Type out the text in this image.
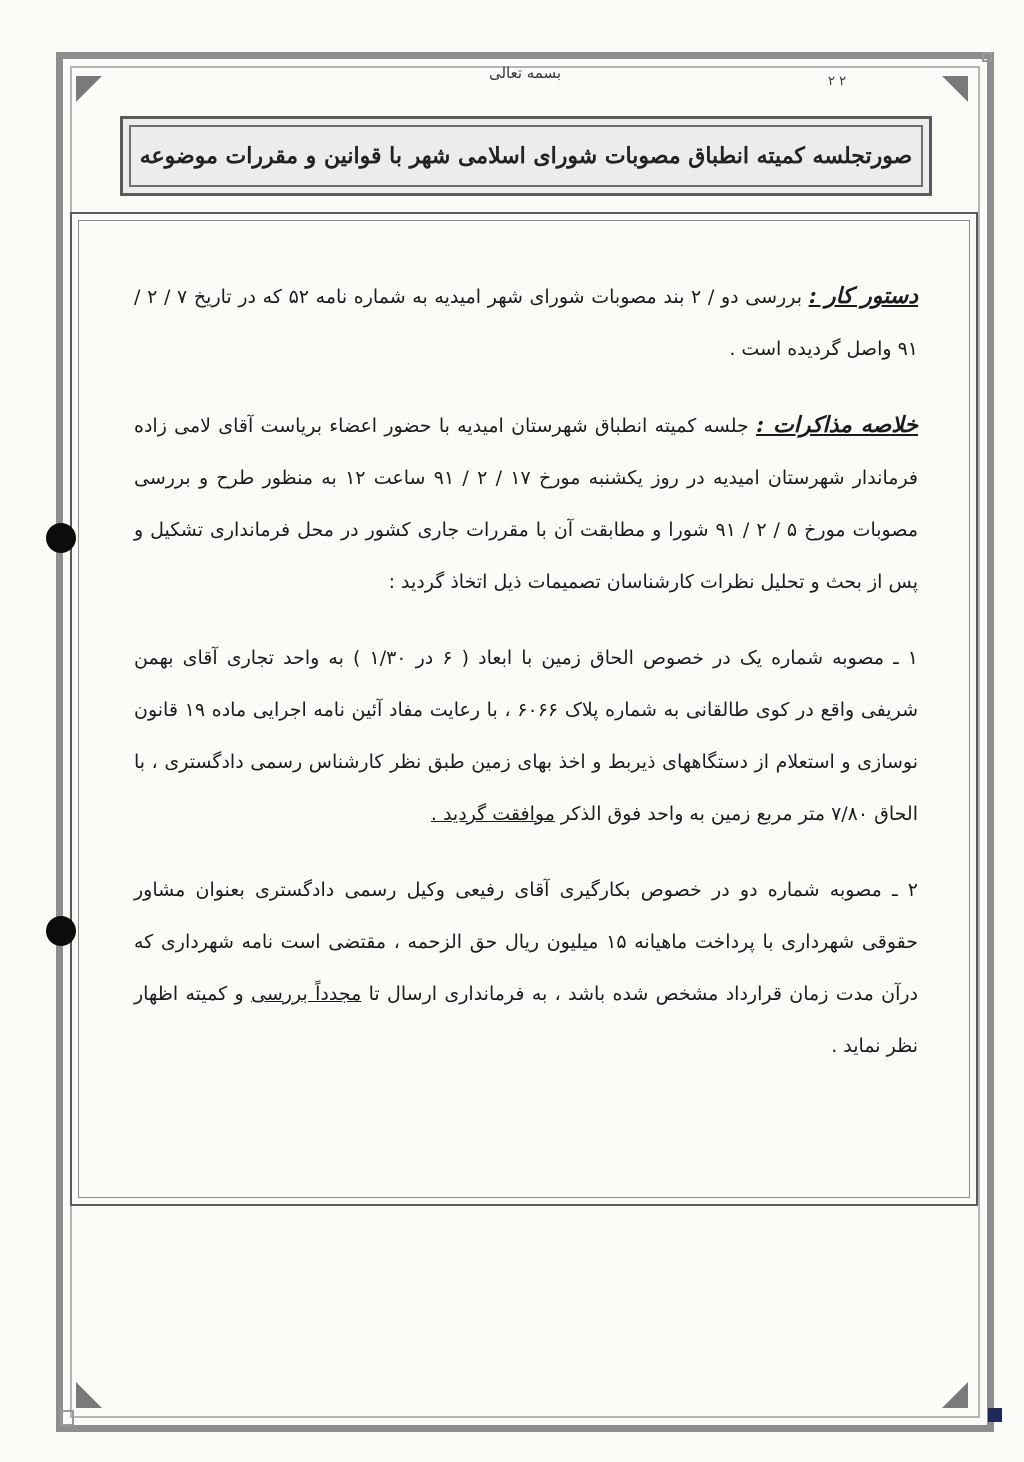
بسمه تعالی	٢ ٢
صورتجلسه کمیته انطباق مصوبات شورای اسلامی شهر با قوانین و مقررات موضوعه

دستور کار : بررسی دو / ۲ بند مصوبات شورای شهر امیدیه به شماره نامه ۵۲ که در تاریخ ۷ / ۲ / ۹۱ واصل گردیده است .

خلاصه مذاکرات : جلسه کمیته انطباق شهرستان امیدیه با حضور اعضاء بریاست آقای لامی زاده فرماندار شهرستان امیدیه در روز یکشنبه مورخ ۱۷ / ۲ / ۹۱ ساعت ۱۲ به منظور طرح و بررسی مصوبات مورخ ۵ / ۲ / ۹۱ شورا و مطابقت آن با مقررات جاری کشور در محل فرمانداری تشکیل و پس از بحث و تحلیل نظرات کارشناسان تصمیمات ذیل اتخاذ گردید :

۱ ـ مصوبه شماره یک در خصوص الحاق زمین با ابعاد ( ۶ در ۱/۳۰ ) به واحد تجاری آقای بهمن شریفی واقع در کوی طالقانی به شماره پلاک ۶۰۶۶ ، با رعایت مفاد آئین نامه اجرایی ماده ۱۹ قانون نوسازی و استعلام از دستگاههای ذیربط و اخذ بهای زمین طبق نظر کارشناس رسمی دادگستری ، با الحاق ۷/۸۰ متر مربع زمین به واحد فوق الذکر موافقت گردید .

۲ ـ مصوبه شماره دو در خصوص بکارگیری آقای رفیعی وکیل رسمی دادگستری بعنوان مشاور حقوقی شهرداری با پرداخت ماهیانه ۱۵ میلیون ریال حق الزحمه ، مقتضی است نامه شهرداری که درآن مدت زمان قرارداد مشخص شده باشد ، به فرمانداری ارسال تا مجدداً بررسی و کمیته اظهار نظر نماید .
